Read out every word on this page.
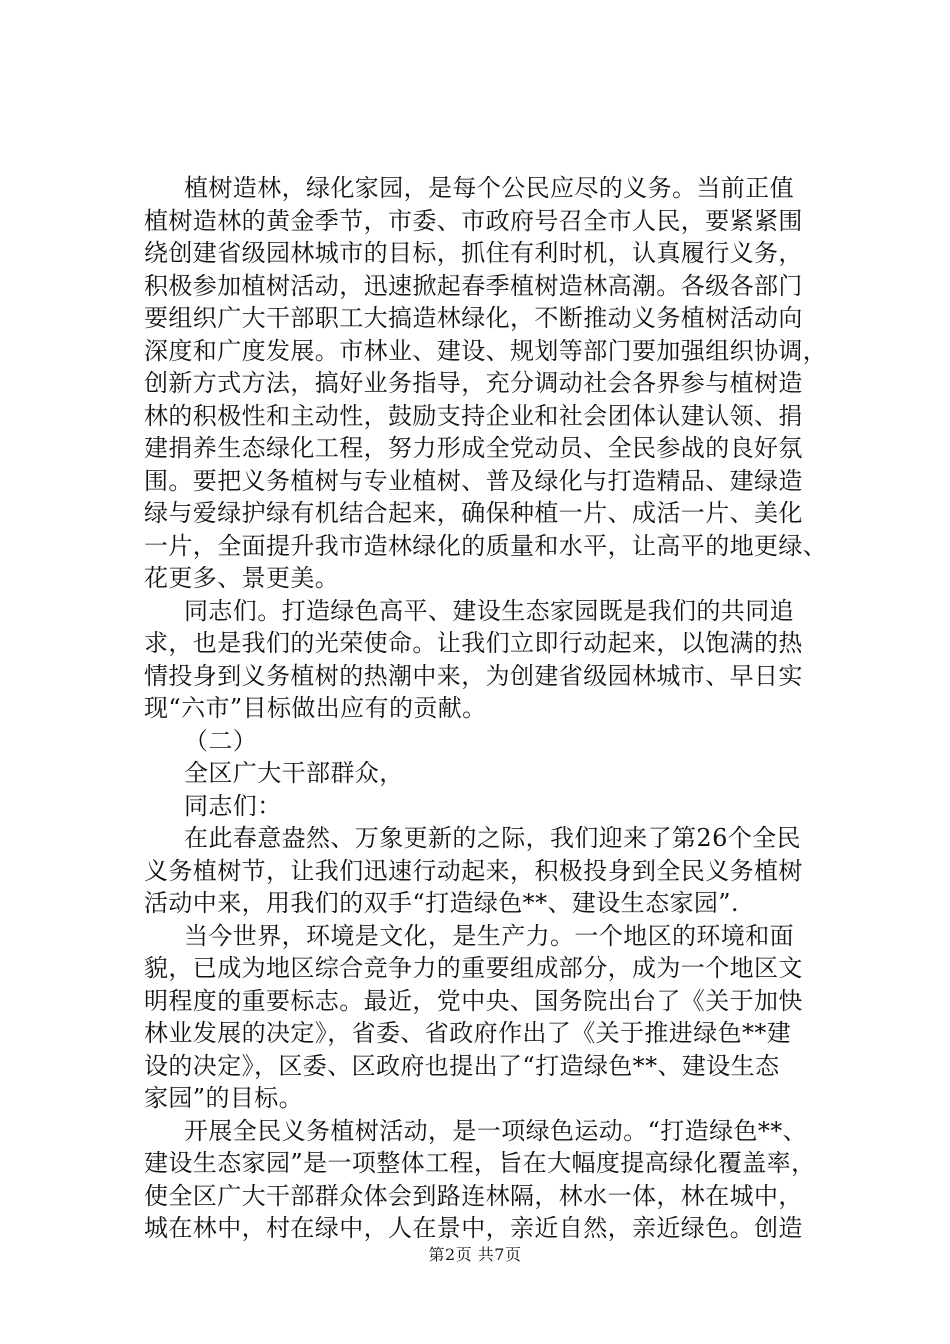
植树造林，绿化家园，是每个公民应尽的义务。当前正值
植树造林的黄金季节，市委、市政府号召全市人民，要紧紧围
绕创建省级园林城市的目标，抓住有利时机，认真履行义务，
积极参加植树活动，迅速掀起春季植树造林高潮。各级各部门
要组织广大干部职工大搞造林绿化，不断推动义务植树活动向
深度和广度发展。市林业、建设、规划等部门要加强组织协调，
创新方式方法，搞好业务指导，充分调动社会各界参与植树造
林的积极性和主动性，鼓励支持企业和社会团体认建认领、捐
建捐养生态绿化工程，努力形成全党动员、全民参战的良好氛
围。要把义务植树与专业植树、普及绿化与打造精品、建绿造
绿与爱绿护绿有机结合起来，确保种植一片、成活一片、美化
一片，全面提升我市造林绿化的质量和水平，让高平的地更绿、
花更多、景更美。
同志们。打造绿色高平、建设生态家园既是我们的共同追
求，也是我们的光荣使命。让我们立即行动起来，以饱满的热
情投身到义务植树的热潮中来，为创建省级园林城市、早日实
现“六市”目标做出应有的贡献。
（二）
全区广大干部群众，
同志们：
在此春意盎然、万象更新的之际，我们迎来了第26个全民
义务植树节，让我们迅速行动起来，积极投身到全民义务植树
活动中来，用我们的双手“打造绿色**、建设生态家园”.
当今世界，环境是文化，是生产力。一个地区的环境和面
貌，已成为地区综合竞争力的重要组成部分，成为一个地区文
明程度的重要标志。最近，党中央、国务院出台了《关于加快
林业发展的决定》，省委、省政府作出了《关于推进绿色**建
设的决定》，区委、区政府也提出了“打造绿色**、建设生态
家园”的目标。
开展全民义务植树活动，是一项绿色运动。“打造绿色**、
建设生态家园”是一项整体工程，旨在大幅度提高绿化覆盖率，
使全区广大干部群众体会到路连林隔，林水一体，林在城中，
城在林中，村在绿中，人在景中，亲近自然，亲近绿色。创造
第2页 共7页
